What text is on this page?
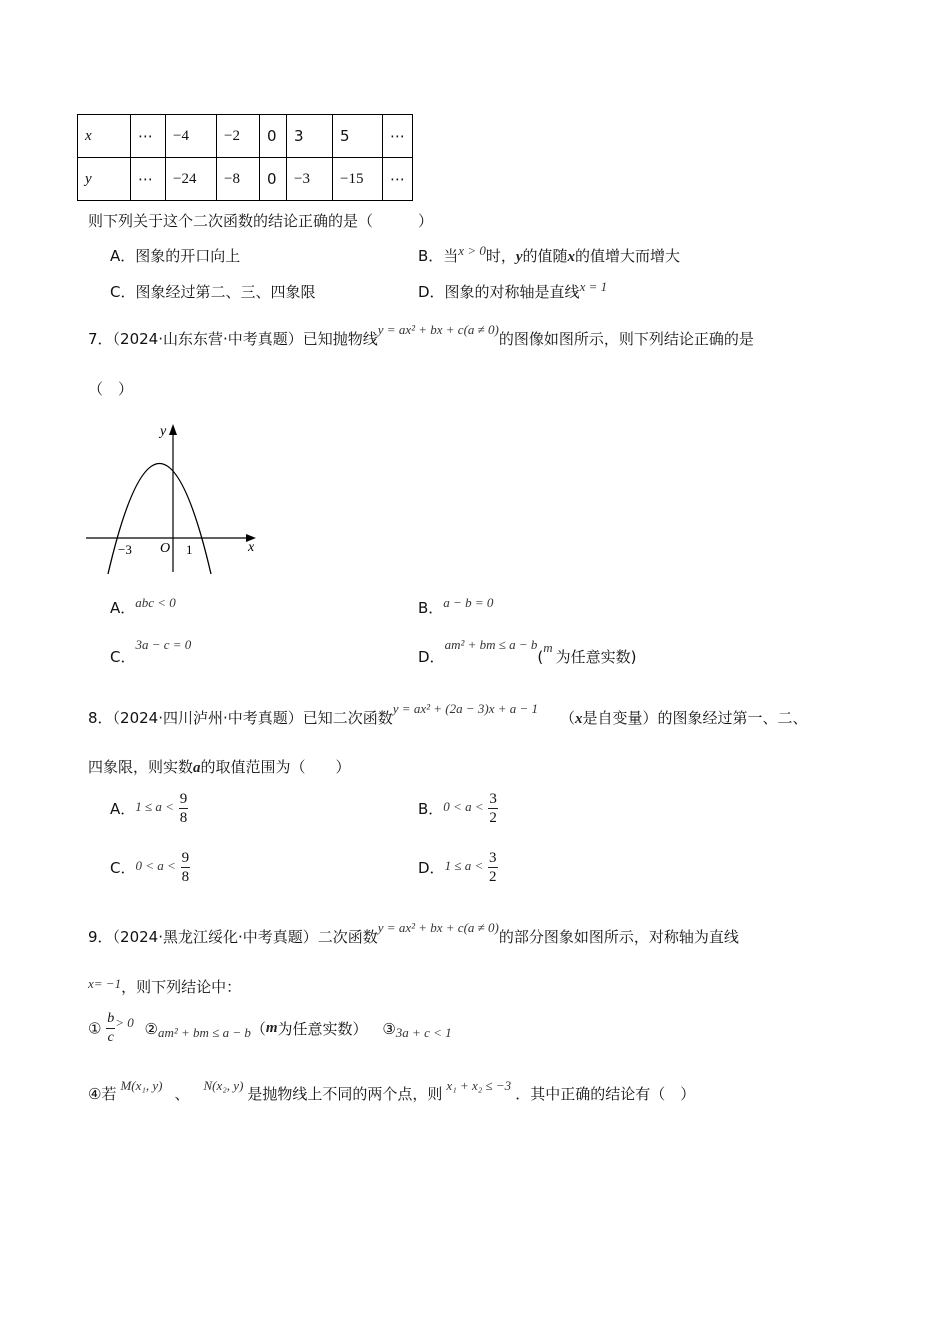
x	⋯	−4	−2	0	3	5	⋯
y	⋯	−24	−8	0	−3	−15	⋯
则下列关于这个二次函数的结论正确的是（　　　）
A．图象的开口向上	B．当x > 0时，y的值随x的值增大而增大
C．图象经过第二、三、四象限	D．图象的对称轴是直线x = 1
7．（2024·山东东营·中考真题）已知抛物线y = ax² + bx + c(a ≠ 0)的图像如图所示，则下列结论正确的是
（　）
y
x
O
−3	1
A．abc < 0	B．a − b = 0
C．3a − c = 0
D．am² + bm ≤ a − b(m为任意实数)
8．（2024·四川泸州·中考真题）已知二次函数y = ax² + (2a − 3)x + a − 1（x是自变量）的图象经过第一、二、
四象限，则实数a的取值范围为（　　）
A．$1 \le a < \frac{9}{8}$	B．$0 < a < \frac{3}{2}$
C．$0 < a < \frac{9}{8}$	D．$1 \le a < \frac{3}{2}$
9．（2024·黑龙江绥化·中考真题）二次函数y = ax² + bx + c(a ≠ 0)的部分图象如图所示，对称轴为直线
x= −1，则下列结论中：
① $\frac{b}{c} > 0$ ②am² + bm ≤ a − b（m为任意实数） ③3a + c < 1
④若 M(x₁, y) 、 N(x₂, y) 是抛物线上不同的两个点，则 x₁ + x₂ ≤ −3 ．其中正确的结论有（　）
